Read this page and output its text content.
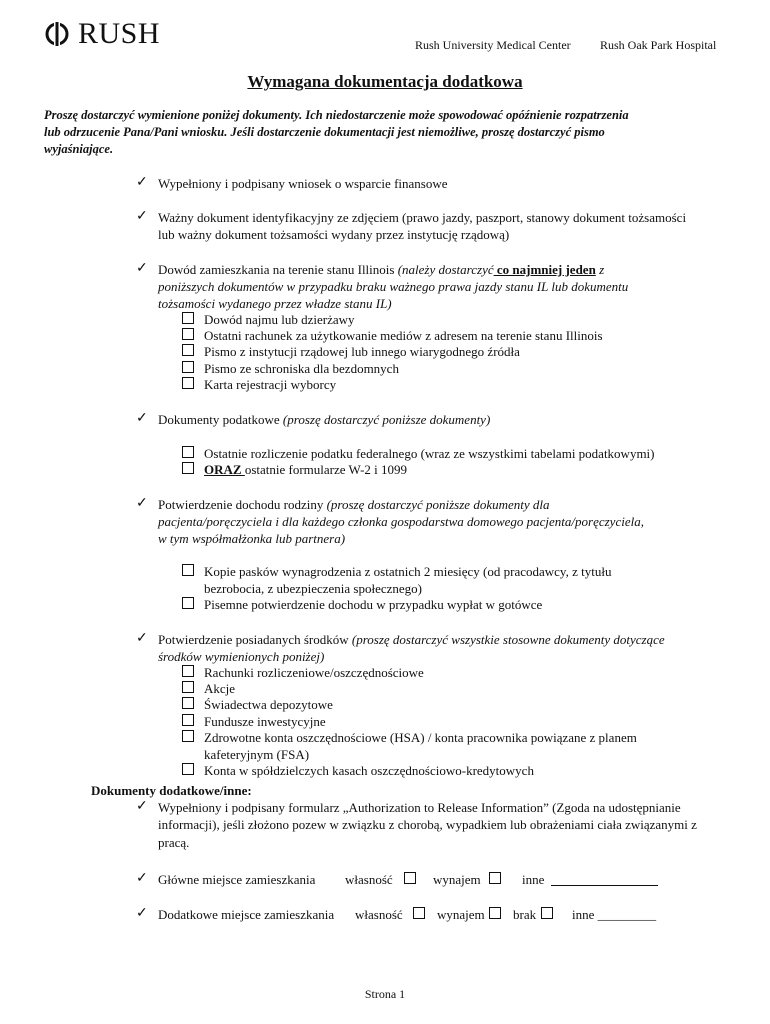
RUSH	Rush University Medical Center Rush Oak Park Hospital
Wymagana dokumentacja dodatkowa
Proszę dostarczyć wymienione poniżej dokumenty. Ich niedostarczenie może spowodować opóźnienie rozpatrzenia
lub odrzucenie Pana/Pani wniosku. Jeśli dostarczenie dokumentacji jest niemożliwe, proszę dostarczyć pismo
wyjaśniające.
✓ Wypełniony i podpisany wniosek o wsparcie finansowe
✓ Ważny dokument identyfikacyjny ze zdjęciem (prawo jazdy, paszport, stanowy dokument tożsamości
lub ważny dokument tożsamości wydany przez instytucję rządową)
✓ Dowód zamieszkania na terenie stanu Illinois (należy dostarczyć co najmniej jeden z
poniższych dokumentów w przypadku braku ważnego prawa jazdy stanu IL lub dokumentu
tożsamości wydanego przez władze stanu IL)
Dowód najmu lub dzierżawy
Ostatni rachunek za użytkowanie mediów z adresem na terenie stanu Illinois
Pismo z instytucji rządowej lub innego wiarygodnego źródła
Pismo ze schroniska dla bezdomnych
Karta rejestracji wyborcy
✓ Dokumenty podatkowe (proszę dostarczyć poniższe dokumenty)
Ostatnie rozliczenie podatku federalnego (wraz ze wszystkimi tabelami podatkowymi)
ORAZ ostatnie formularze W-2 i 1099
✓ Potwierdzenie dochodu rodziny (proszę dostarczyć poniższe dokumenty dla
pacjenta/poręczyciela i dla każdego członka gospodarstwa domowego pacjenta/poręczyciela,
w tym współmałżonka lub partnera)
Kopie pasków wynagrodzenia z ostatnich 2 miesięcy (od pracodawcy, z tytułu
bezrobocia, z ubezpieczenia społecznego)
Pisemne potwierdzenie dochodu w przypadku wypłat w gotówce
✓ Potwierdzenie posiadanych środków (proszę dostarczyć wszystkie stosowne dokumenty dotyczące
środków wymienionych poniżej)
Rachunki rozliczeniowe/oszczędnościowe
Akcje
Świadectwa depozytowe
Fundusze inwestycyjne
Zdrowotne konta oszczędnościowe (HSA) / konta pracownika powiązane z planem
kafeteryjnym (FSA)
Konta w spółdzielczych kasach oszczędnościowo-kredytowych
Dokumenty dodatkowe/inne:
✓ Wypełniony i podpisany formularz „Authorization to Release Information” (Zgoda na udostępnianie
informacji), jeśli złożono pozew w związku z chorobą, wypadkiem lub obrażeniami ciała związanymi z
pracą.
✓ Główne miejsce zamieszkania własność	wynajem	inne
✓ Dodatkowe miejsce zamieszkania własność	wynajem brak	inne _________
Strona 1
